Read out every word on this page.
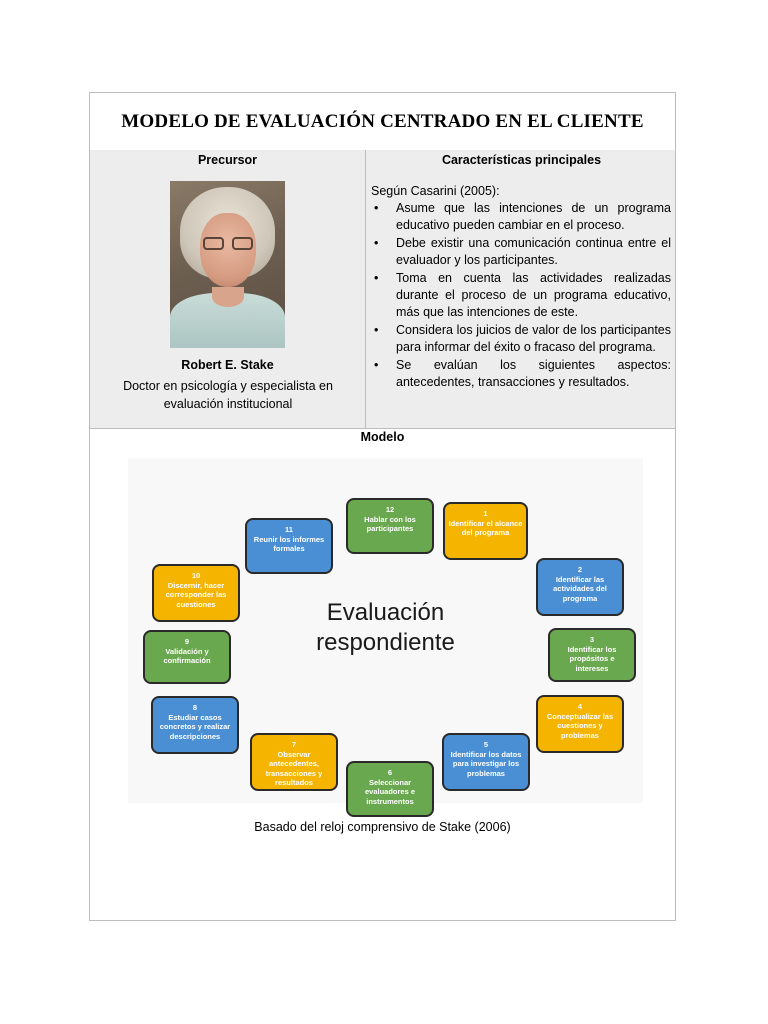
MODELO DE EVALUACIÓN CENTRADO EN EL CLIENTE
Precursor
Robert E. Stake
Doctor en psicología y especialista en evaluación institucional
Características principales
Según Casarini (2005):
• Asume que las intenciones de un programa educativo pueden cambiar en el proceso.
• Debe existir una comunicación continua entre el evaluador y los participantes.
• Toma en cuenta las actividades realizadas durante el proceso de un programa educativo, más que las intenciones de este.
• Considera los juicios de valor de los participantes para informar del éxito o fracaso del programa.
• Se evalúan los siguientes aspectos: antecedentes, transacciones y resultados.
Modelo
Evaluación
respondiente
1
Identificar el alcance del programa
2
Identificar las actividades del programa
3
Identificar los propósitos e intereses
4
Conceptualizar las cuestiones y problemas
5
Identificar los datos para investigar los problemas
6
Seleccionar evaluadores e instrumentos
7
Observar antecedentes, transacciones y resultados
8
Estudiar casos concretos y realizar descripciones
9
Validación y confirmación
10
Discernir, hacer corresponder las cuestiones
11
Reunir los informes formales
12
Hablar con los participantes
Basado del reloj comprensivo de Stake (2006)
